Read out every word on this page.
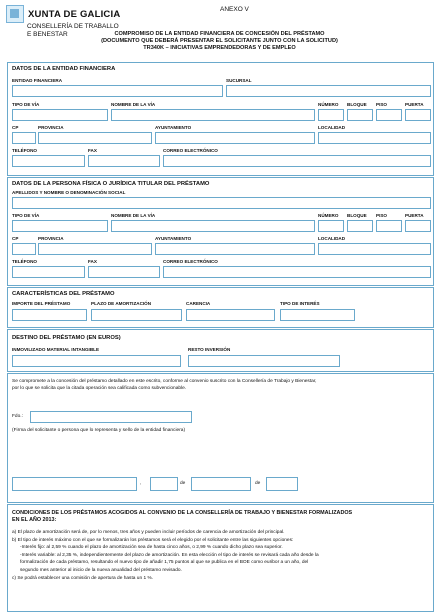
XUNTA DE GALICIA
CONSELLERÍA DE TRABALLO
E BENESTAR
ANEXO V
COMPROMISO DE LA ENTIDAD FINANCIERA DE CONCESIÓN DEL PRÉSTAMO
(DOCUMENTO QUE DEBERÁ PRESENTAR EL SOLICITANTE JUNTO CON LA SOLICITUD)
TR340K – INICIATIVAS EMPRENDEDORAS Y DE EMPLEO
DATOS DE LA ENTIDAD FINANCIERA
ENTIDAD FINANCIERA	SUCURSAL
TIPO DE VÍA	NOMBRE DE LA VÍA	NÚMERO BLOQUE PISO	PUERTA
CP	PROVINCIA	AYUNTAMIENTO	LOCALIDAD
TELÉFONO	FAX	CORREO ELECTRÓNICO
DATOS DE LA PERSONA FÍSICA O JURÍDICA TITULAR DEL PRÉSTAMO
APELLIDOS Y NOMBRE O DENOMINACIÓN SOCIAL
TIPO DE VÍA	NOMBRE DE LA VÍA	NÚMERO BLOQUE PISO	PUERTA
CP	PROVINCIA	AYUNTAMIENTO	LOCALIDAD
TELÉFONO	FAX	CORREO ELECTRÓNICO
CARACTERÍSTICAS DEL PRÉSTAMO
IMPORTE DEL PRÉSTAMO	PLAZO DE AMORTIZACIÓN	CARENCIA	TIPO DE INTERÉS
DESTINO DEL PRÉSTAMO (EN EUROS)
INMOVILIZADO MATERIAL INTANGIBLE	RESTO INVERSIÓN
Se compromete a la concesión del préstamo detallado en este escrito, conforme al convenio suscrito con la Consellería de Trabajo y Bienestar,
por lo que se solicita que la citada operación sea calificada como subvencionable.
Fdo.:
(Firma del solicitante o persona que lo representa y sello de la entidad financiera)
,	de	de
CONDICIONES DE LOS PRÉSTAMOS ACOGIDOS AL CONVENIO DE LA CONSELLERÍA DE TRABAJO Y BIENESTAR FORMALIZADOS
EN EL AÑO 2013:

a) El plazo de amortización será de, por lo menos, tres años y pueden incluir períodos de carencia de amortización del principal.

b) El tipo de interés máximo con el que se formalizarán los préstamos será el elegido por el solicitante entre las siguientes opciones:

-Interés fijo: al 2,59 % cuando el plazo de amortización sea de hasta cinco años, o 2,99 % cuando dicho plazo sea superior.

-Interés variable: al 2,35 %, independientemente del plazo de amortización. En esta elección el tipo de interés se revisará cada año desde la

formalización de cada préstamo, resultando el nuevo tipo de añadir 1,75 puntos al que se publica en el BOE como euribor a un año, del

segundo mes anterior al inicio de la nueva anualidad del préstamo revisado.

c) Se podrá establecer una comisión de apertura de hasta un 1 %.
